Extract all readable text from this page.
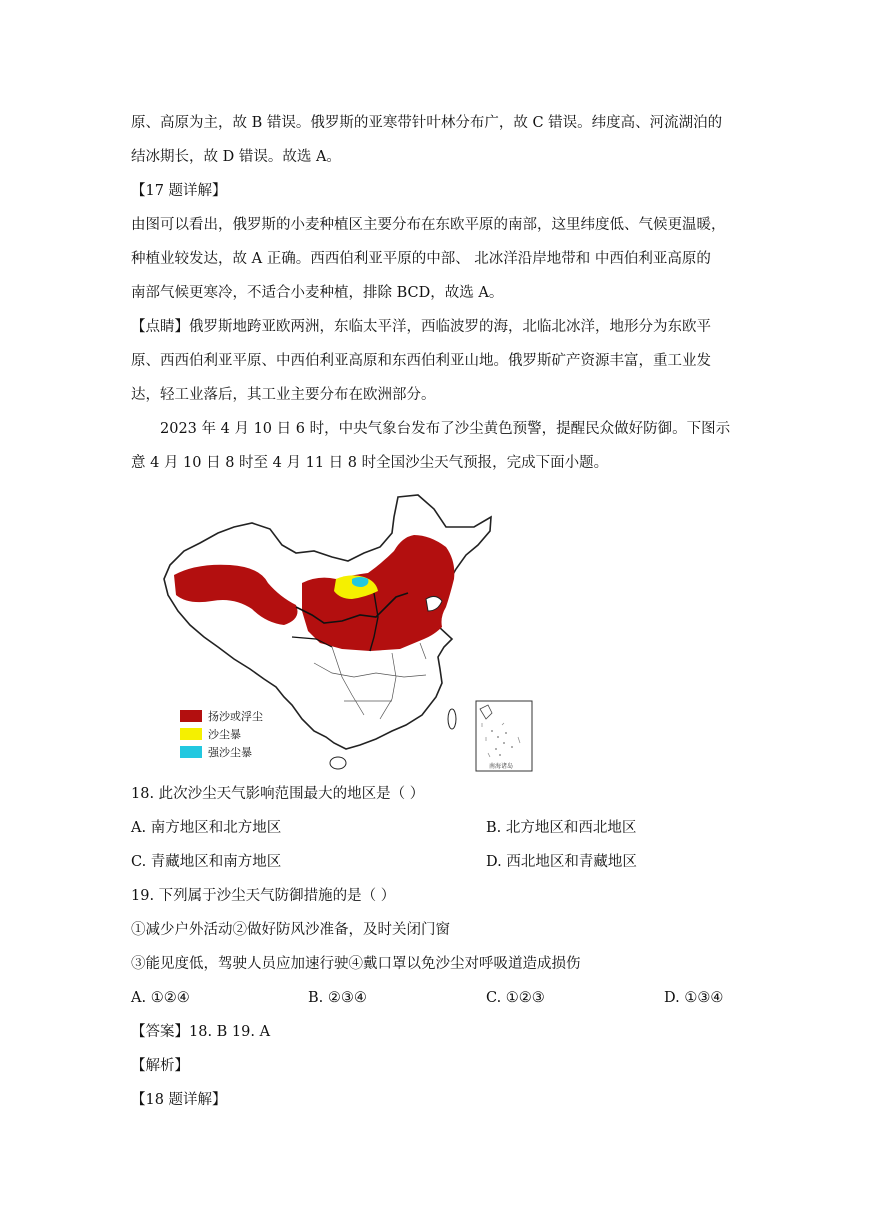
原、高原为主，故 B 错误。俄罗斯的亚寒带针叶林分布广，故 C 错误。纬度高、河流湖泊的
结冰期长，故 D 错误。故选 A。
【17 题详解】
由图可以看出，俄罗斯的小麦种植区主要分布在东欧平原的南部，这里纬度低、气候更温暖，
种植业较发达，故 A 正确。西西伯利亚平原的中部、 北冰洋沿岸地带和 中西伯利亚高原的
南部气候更寒冷，不适合小麦种植，排除 BCD，故选 A。
【点睛】俄罗斯地跨亚欧两洲，东临太平洋，西临波罗的海，北临北冰洋，地形分为东欧平
原、西西伯利亚平原、中西伯利亚高原和东西伯利亚山地。俄罗斯矿产资源丰富，重工业发
达，轻工业落后，其工业主要分布在欧洲部分。
2023 年 4 月 10 日 6 时，中央气象台发布了沙尘黄色预警，提醒民众做好防御。下图示
意 4 月 10 日 8 时至 4 月 11 日 8 时全国沙尘天气预报，完成下面小题。
南海诸岛
扬沙或浮尘
沙尘暴
强沙尘暴
18. 此次沙尘天气影响范围最大的地区是（ ）
A. 南方地区和北方地区	B. 北方地区和西北地区
C. 青藏地区和南方地区	D. 西北地区和青藏地区
19. 下列属于沙尘天气防御措施的是（ ）
①减少户外活动②做好防风沙准备，及时关闭门窗
③能见度低，驾驶人员应加速行驶④戴口罩以免沙尘对呼吸道造成损伤
A. ①②④	B. ②③④	C. ①②③	D. ①③④
【答案】18. B 19. A
【解析】
【18 题详解】
